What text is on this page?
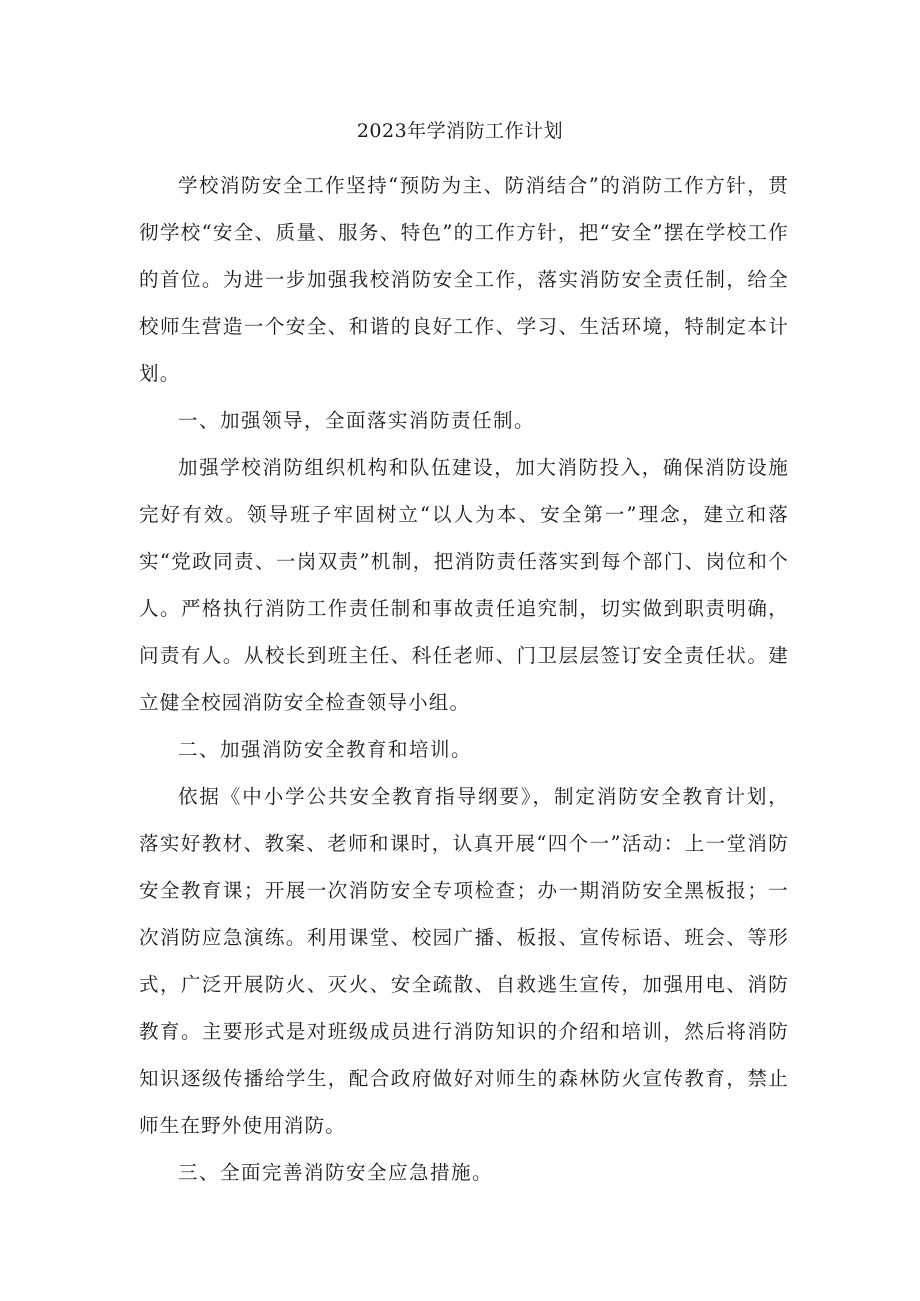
2023年学消防工作计划

学校消防安全工作坚持“预防为主、防消结合”的消防工作方针，贯彻学校“安全、质量、服务、特色”的工作方针，把“安全”摆在学校工作的首位。为进一步加强我校消防安全工作，落实消防安全责任制，给全校师生营造一个安全、和谐的良好工作、学习、生活环境，特制定本计划。

一、加强领导，全面落实消防责任制。

加强学校消防组织机构和队伍建设，加大消防投入，确保消防设施完好有效。领导班子牢固树立“以人为本、安全第一”理念，建立和落实“党政同责、一岗双责”机制，把消防责任落实到每个部门、岗位和个人。严格执行消防工作责任制和事故责任追究制，切实做到职责明确，问责有人。从校长到班主任、科任老师、门卫层层签订安全责任状。建立健全校园消防安全检查领导小组。

二、加强消防安全教育和培训。

依据《中小学公共安全教育指导纲要》，制定消防安全教育计划，落实好教材、教案、老师和课时，认真开展“四个一”活动：上一堂消防安全教育课；开展一次消防安全专项检查；办一期消防安全黑板报；一次消防应急演练。利用课堂、校园广播、板报、宣传标语、班会、等形式，广泛开展防火、灭火、安全疏散、自救逃生宣传，加强用电、消防教育。主要形式是对班级成员进行消防知识的介绍和培训，然后将消防知识逐级传播给学生，配合政府做好对师生的森林防火宣传教育，禁止师生在野外使用消防。

三、全面完善消防安全应急措施。
